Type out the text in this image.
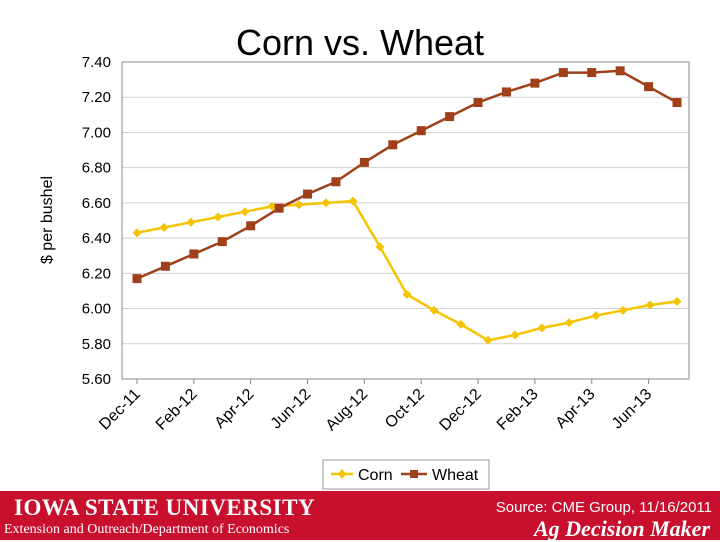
Corn vs. Wheat
5.60
5.80
6.00
6.20
6.40
6.60
6.80
7.00
7.20
7.40
Dec-11 Feb-12 Apr-12 Jun-12 Aug-12 Oct-12 Dec-12 Feb-13 Apr-13 Jun-13
$ per bushel
Corn Wheat
IOWA STATE UNIVERSITY
Extension and Outreach/Department of Economics
Source: CME Group, 11/16/2011
Ag Decision Maker
